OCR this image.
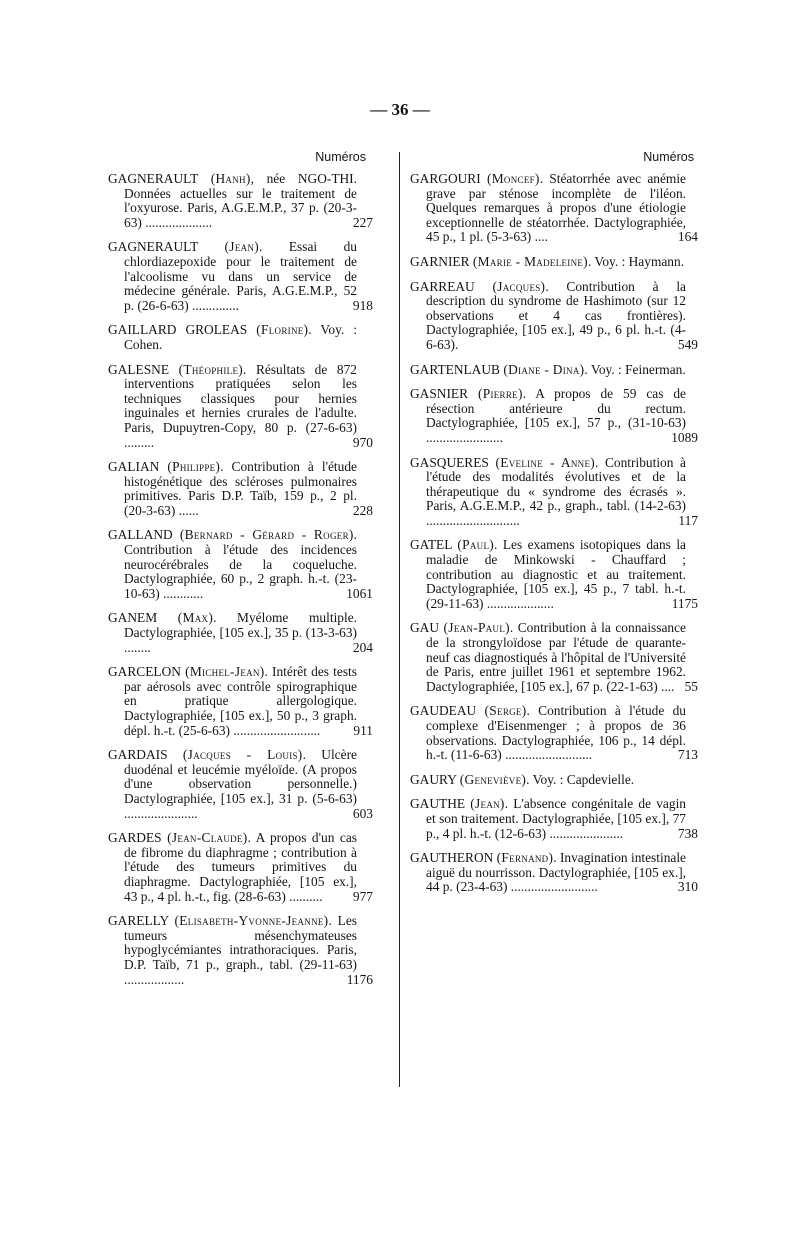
— 36 —
Numéros
GAGNERAULT (Hanh), née NGO-THI. Données actuelles sur le traitement de l'oxyurose. Paris, A.G.E.M.P., 37 p. (20-3-63) ....................	227
GAGNERAULT (Jean). Essai du chlordiazepoxide pour le traitement de l'alcoolisme vu dans un service de médecine générale. Paris, A.G.E.M.P., 52 p. (26-6-63) ..............	918
GAILLARD GROLEAS (Florine). Voy. : Cohen.
GALESNE (Théophile). Résultats de 872 interventions pratiquées selon les techniques classiques pour hernies inguinales et hernies crurales de l'adulte. Paris, Dupuytren-Copy, 80 p. (27-6-63) .........	970
GALIAN (Philippe). Contribution à l'étude histogénétique des scléroses pulmonaires primitives. Paris D.P. Taïb, 159 p., 2 pl. (20-3-63) ......	228
GALLAND (Bernard - Gérard - Roger). Contribution à l'étude des incidences neurocérébrales de la coqueluche. Dactylographiée, 60 p., 2 graph. h.-t. (23-10-63) ............	1061
GANEM (Max). Myélome multiple. Dactylographiée, [105 ex.], 35 p. (13-3-63) ........	204
GARCELON (Michel-Jean). Intérêt des tests par aérosols avec contrôle spirographique en pratique allergologique. Dactylographiée, [105 ex.], 50 p., 3 graph. dépl. h.-t. (25-6-63) ..........................	911
GARDAIS (Jacques - Louis). Ulcère duodénal et leucémie myéloïde. (A propos d'une observation personnelle.) Dactylographiée, [105 ex.], 31 p. (5-6-63) ......................	603
GARDES (Jean-Claude). A propos d'un cas de fibrome du diaphragme ; contribution à l'étude des tumeurs primitives du diaphragme. Dactylographiée, [105 ex.], 43 p., 4 pl. h.-t., fig. (28-6-63) ..........	977
GARELLY (Elisabeth-Yvonne-Jeanne). Les tumeurs mésenchymateuses hypoglycémiantes intrathoraciques. Paris, D.P. Taïb, 71 p., graph., tabl. (29-11-63) ..................	1176
Numéros
GARGOURI (Moncef). Stéatorrhée avec anémie grave par sténose incomplète de l'iléon. Quelques remarques à propos d'une étiologie exceptionnelle de stéatorrhée. Dactylographiée, 45 p., 1 pl. (5-3-63) ....	164
GARNIER (Marie - Madeleine). Voy. : Haymann.
GARREAU (Jacques). Contribution à la description du syndrome de Hashimoto (sur 12 observations et 4 cas frontières). Dactylographiée, [105 ex.], 49 p., 6 pl. h.-t. (4-6-63).	549
GARTENLAUB (Diane - Dina). Voy. : Feinerman.
GASNIER (Pierre). A propos de 59 cas de résection antérieure du rectum. Dactylographiée, [105 ex.], 57 p., (31-10-63) .......................	1089
GASQUERES (Eveline - Anne). Contribution à l'étude des modalités évolutives et de la thérapeutique du « syndrome des écrasés ». Paris, A.G.E.M.P., 42 p., graph., tabl. (14-2-63) ............................	117
GATEL (Paul). Les examens isotopiques dans la maladie de Minkowski - Chauffard ; contribution au diagnostic et au traitement. Dactylographiée, [105 ex.], 45 p., 7 tabl. h.-t. (29-11-63) ....................	1175
GAU (Jean-Paul). Contribution à la connaissance de la strongyloïdose par l'étude de quarante-neuf cas diagnostiqués à l'hôpital de l'Université de Paris, entre juillet 1961 et septembre 1962. Dactylographiée, [105 ex.], 67 p. (22-1-63) .... 55
GAUDEAU (Serge). Contribution à l'étude du complexe d'Eisenmenger ; à propos de 36 observations. Dactylographiée, 106 p., 14 dépl. h.-t. (11-6-63) ..........................	713
GAURY (Geneviève). Voy. : Capdevielle.
GAUTHE (Jean). L'absence congénitale de vagin et son traitement. Dactylographiée, [105 ex.], 77 p., 4 pl. h.-t. (12-6-63) ......................	738
GAUTHERON (Fernand). Invagination intestinale aiguë du nourrisson. Dactylographiée, [105 ex.], 44 p. (23-4-63) ..........................	310
